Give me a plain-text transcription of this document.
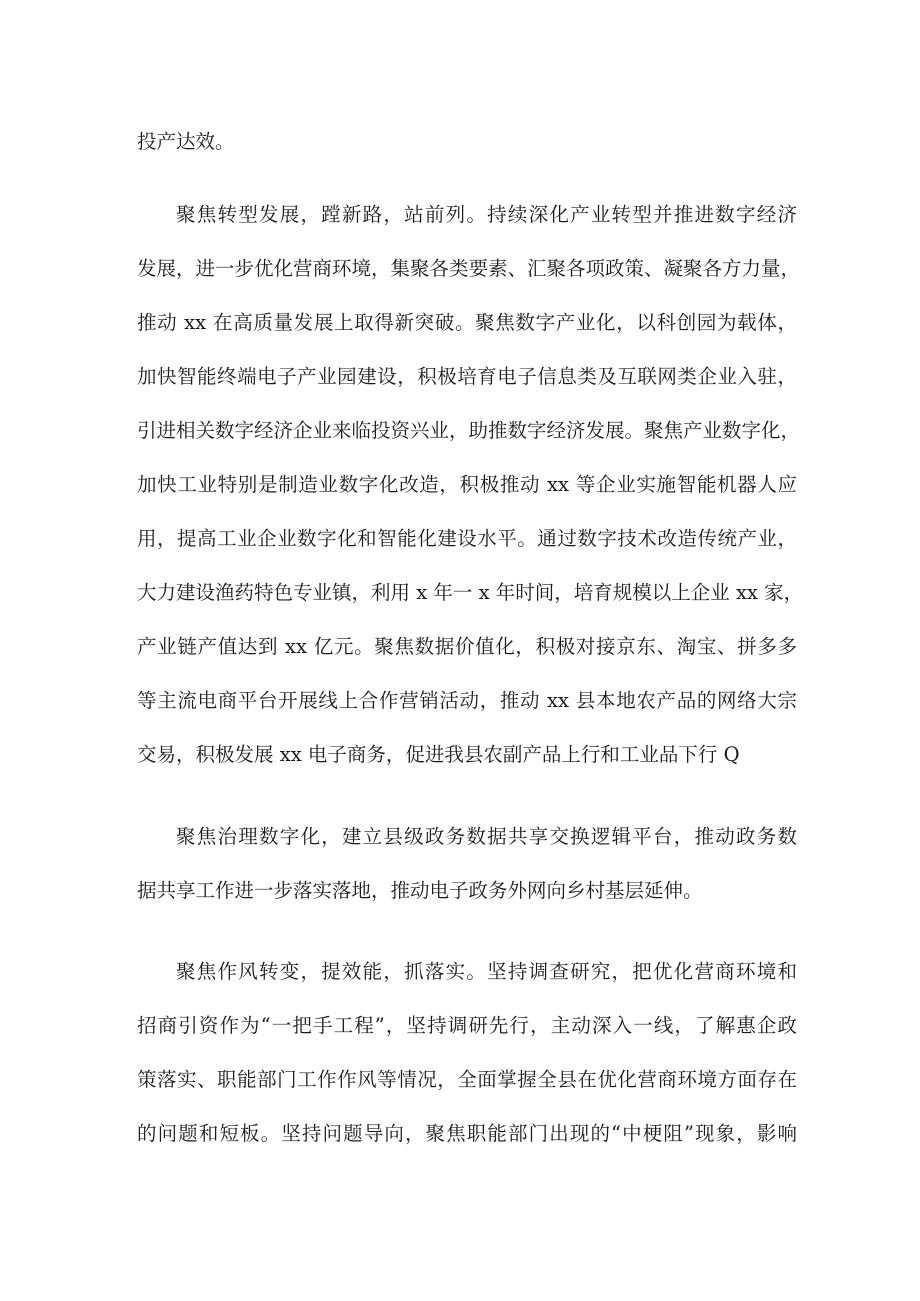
投产达效。
聚焦转型发展，蹚新路，站前列。持续深化产业转型并推进数字经济
发展，进一步优化营商环境，集聚各类要素、汇聚各项政策、凝聚各方力量，
推动 xx 在高质量发展上取得新突破。聚焦数字产业化，以科创园为载体，
加快智能终端电子产业园建设，积极培育电子信息类及互联网类企业入驻，
引进相关数字经济企业来临投资兴业，助推数字经济发展。聚焦产业数字化，
加快工业特别是制造业数字化改造，积极推动 xx 等企业实施智能机器人应
用，提高工业企业数字化和智能化建设水平。通过数字技术改造传统产业，
大力建设渔药特色专业镇，利用 x 年一 x 年时间，培育规模以上企业 xx 家，
产业链产值达到 xx 亿元。聚焦数据价值化，积极对接京东、淘宝、拼多多
等主流电商平台开展线上合作营销活动，推动 xx 县本地农产品的网络大宗
交易，积极发展 xx 电子商务，促进我县农副产品上行和工业品下行 Q
聚焦治理数字化，建立县级政务数据共享交换逻辑平台，推动政务数
据共享工作进一步落实落地，推动电子政务外网向乡村基层延伸。
聚焦作风转变，提效能，抓落实。坚持调查研究，把优化营商环境和
招商引资作为“一把手工程”，坚持调研先行，主动深入一线，了解惠企政
策落实、职能部门工作作风等情况，全面掌握全县在优化营商环境方面存在
的问题和短板。坚持问题导向，聚焦职能部门出现的“中梗阻”现象，影响
